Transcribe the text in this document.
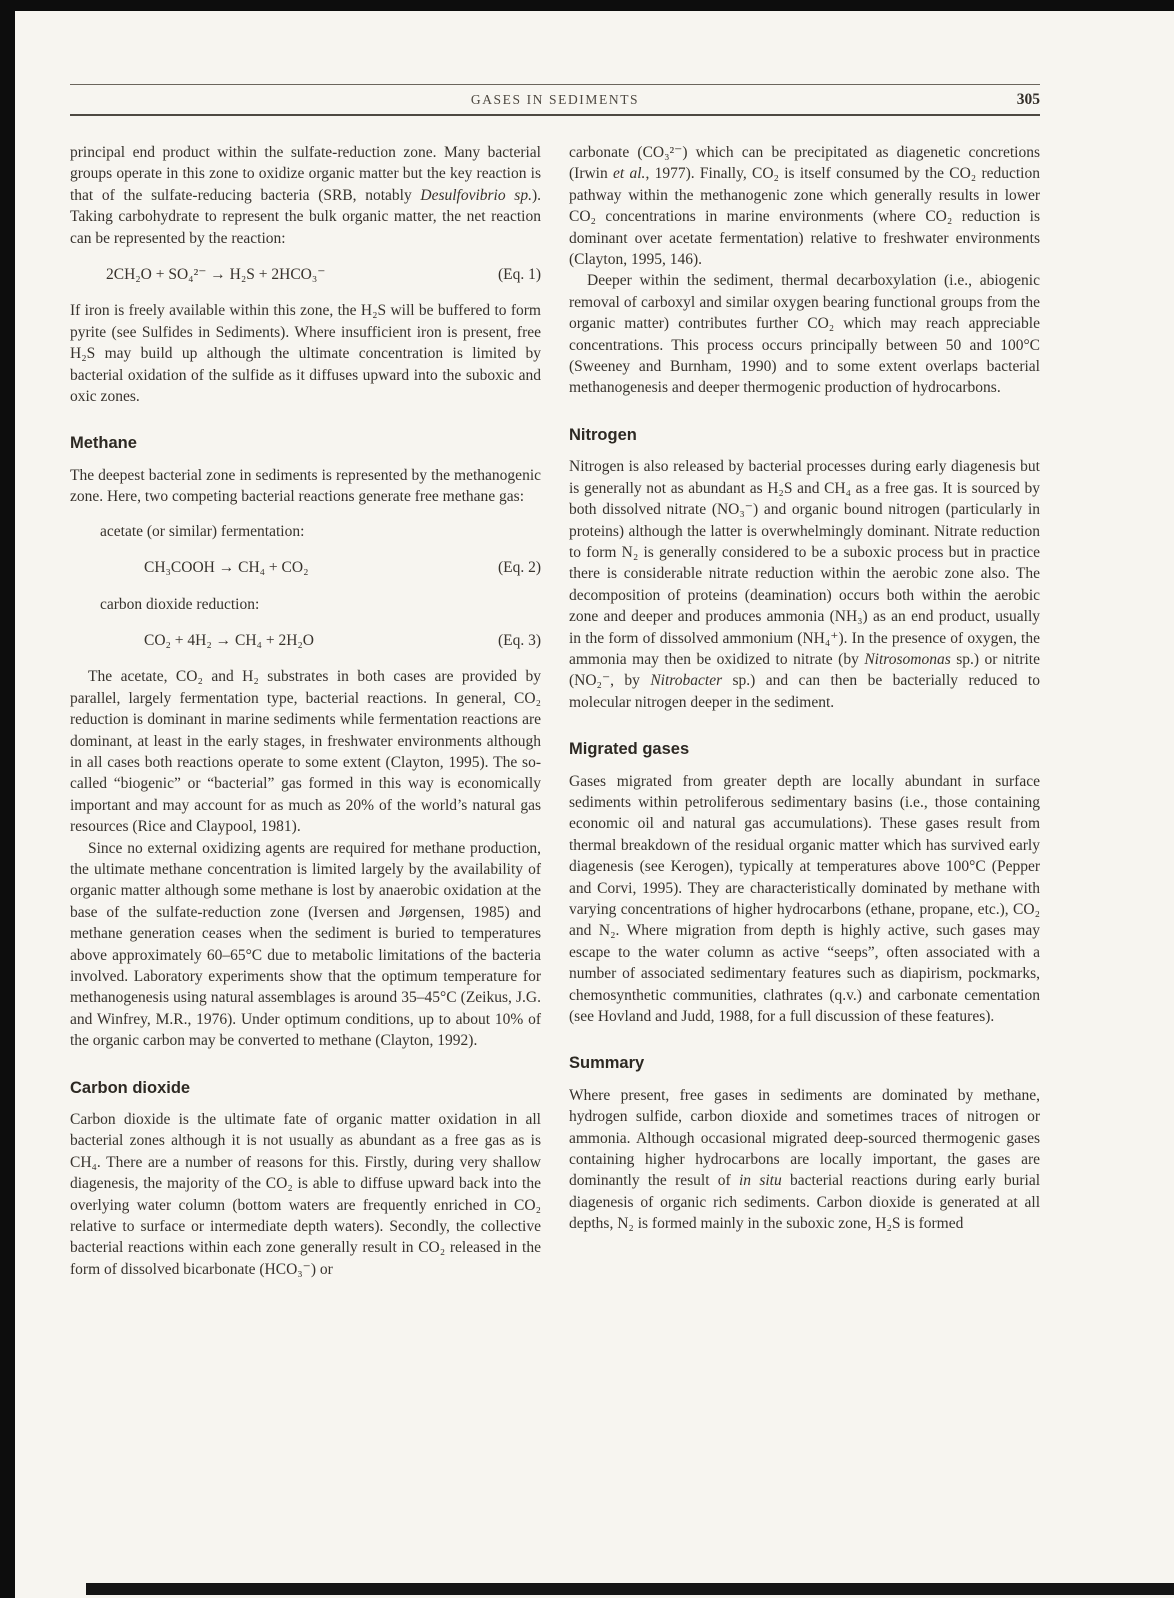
GASES IN SEDIMENTS	305

principal end product within the sulfate-reduction zone. Many bacterial groups operate in this zone to oxidize organic matter but the key reaction is that of the sulfate-reducing bacteria (SRB, notably Desulfovibrio sp.). Taking carbohydrate to represent the bulk organic matter, the net reaction can be represented by the reaction:

2CH₂O + SO₄²⁻ → H₂S + 2HCO₃⁻	(Eq. 1)

If iron is freely available within this zone, the H₂S will be buffered to form pyrite (see Sulfides in Sediments). Where insufficient iron is present, free H₂S may build up although the ultimate concentration is limited by bacterial oxidation of the sulfide as it diffuses upward into the suboxic and oxic zones.

Methane

The deepest bacterial zone in sediments is represented by the methanogenic zone. Here, two competing bacterial reactions generate free methane gas:

acetate (or similar) fermentation:

CH₃COOH → CH₄ + CO₂	(Eq. 2)

carbon dioxide reduction:

CO₂ + 4H₂ → CH₄ + 2H₂O	(Eq. 3)

The acetate, CO₂ and H₂ substrates in both cases are provided by parallel, largely fermentation type, bacterial reactions. In general, CO₂ reduction is dominant in marine sediments while fermentation reactions are dominant, at least in the early stages, in freshwater environments although in all cases both reactions operate to some extent (Clayton, 1995). The so-called “biogenic” or “bacterial” gas formed in this way is economically important and may account for as much as 20% of the world’s natural gas resources (Rice and Claypool, 1981).

Since no external oxidizing agents are required for methane production, the ultimate methane concentration is limited largely by the availability of organic matter although some methane is lost by anaerobic oxidation at the base of the sulfate-reduction zone (Iversen and Jørgensen, 1985) and methane generation ceases when the sediment is buried to temperatures above approximately 60–65°C due to metabolic limitations of the bacteria involved. Laboratory experiments show that the optimum temperature for methanogenesis using natural assemblages is around 35–45°C (Zeikus, J.G. and Winfrey, M.R., 1976). Under optimum conditions, up to about 10% of the organic carbon may be converted to methane (Clayton, 1992).

Carbon dioxide

Carbon dioxide is the ultimate fate of organic matter oxidation in all bacterial zones although it is not usually as abundant as a free gas as is CH₄. There are a number of reasons for this. Firstly, during very shallow diagenesis, the majority of the CO₂ is able to diffuse upward back into the overlying water column (bottom waters are frequently enriched in CO₂ relative to surface or intermediate depth waters). Secondly, the collective bacterial reactions within each zone generally result in CO₂ released in the form of dissolved bicarbonate (HCO₃⁻) or

carbonate (CO₃²⁻) which can be precipitated as diagenetic concretions (Irwin et al., 1977). Finally, CO₂ is itself consumed by the CO₂ reduction pathway within the methanogenic zone which generally results in lower CO₂ concentrations in marine environments (where CO₂ reduction is dominant over acetate fermentation) relative to freshwater environments (Clayton, 1995, 146).

Deeper within the sediment, thermal decarboxylation (i.e., abiogenic removal of carboxyl and similar oxygen bearing functional groups from the organic matter) contributes further CO₂ which may reach appreciable concentrations. This process occurs principally between 50 and 100°C (Sweeney and Burnham, 1990) and to some extent overlaps bacterial methanogenesis and deeper thermogenic production of hydrocarbons.

Nitrogen

Nitrogen is also released by bacterial processes during early diagenesis but is generally not as abundant as H₂S and CH₄ as a free gas. It is sourced by both dissolved nitrate (NO₃⁻) and organic bound nitrogen (particularly in proteins) although the latter is overwhelmingly dominant. Nitrate reduction to form N₂ is generally considered to be a suboxic process but in practice there is considerable nitrate reduction within the aerobic zone also. The decomposition of proteins (deamination) occurs both within the aerobic zone and deeper and produces ammonia (NH₃) as an end product, usually in the form of dissolved ammonium (NH₄⁺). In the presence of oxygen, the ammonia may then be oxidized to nitrate (by Nitrosomonas sp.) or nitrite (NO₂⁻, by Nitrobacter sp.) and can then be bacterially reduced to molecular nitrogen deeper in the sediment.

Migrated gases

Gases migrated from greater depth are locally abundant in surface sediments within petroliferous sedimentary basins (i.e., those containing economic oil and natural gas accumulations). These gases result from thermal breakdown of the residual organic matter which has survived early diagenesis (see Kerogen), typically at temperatures above 100°C (Pepper and Corvi, 1995). They are characteristically dominated by methane with varying concentrations of higher hydrocarbons (ethane, propane, etc.), CO₂ and N₂. Where migration from depth is highly active, such gases may escape to the water column as active “seeps”, often associated with a number of associated sedimentary features such as diapirism, pockmarks, chemosynthetic communities, clathrates (q.v.) and carbonate cementation (see Hovland and Judd, 1988, for a full discussion of these features).

Summary

Where present, free gases in sediments are dominated by methane, hydrogen sulfide, carbon dioxide and sometimes traces of nitrogen or ammonia. Although occasional migrated deep-sourced thermogenic gases containing higher hydrocarbons are locally important, the gases are dominantly the result of in situ bacterial reactions during early burial diagenesis of organic rich sediments. Carbon dioxide is generated at all depths, N₂ is formed mainly in the suboxic zone, H₂S is formed
